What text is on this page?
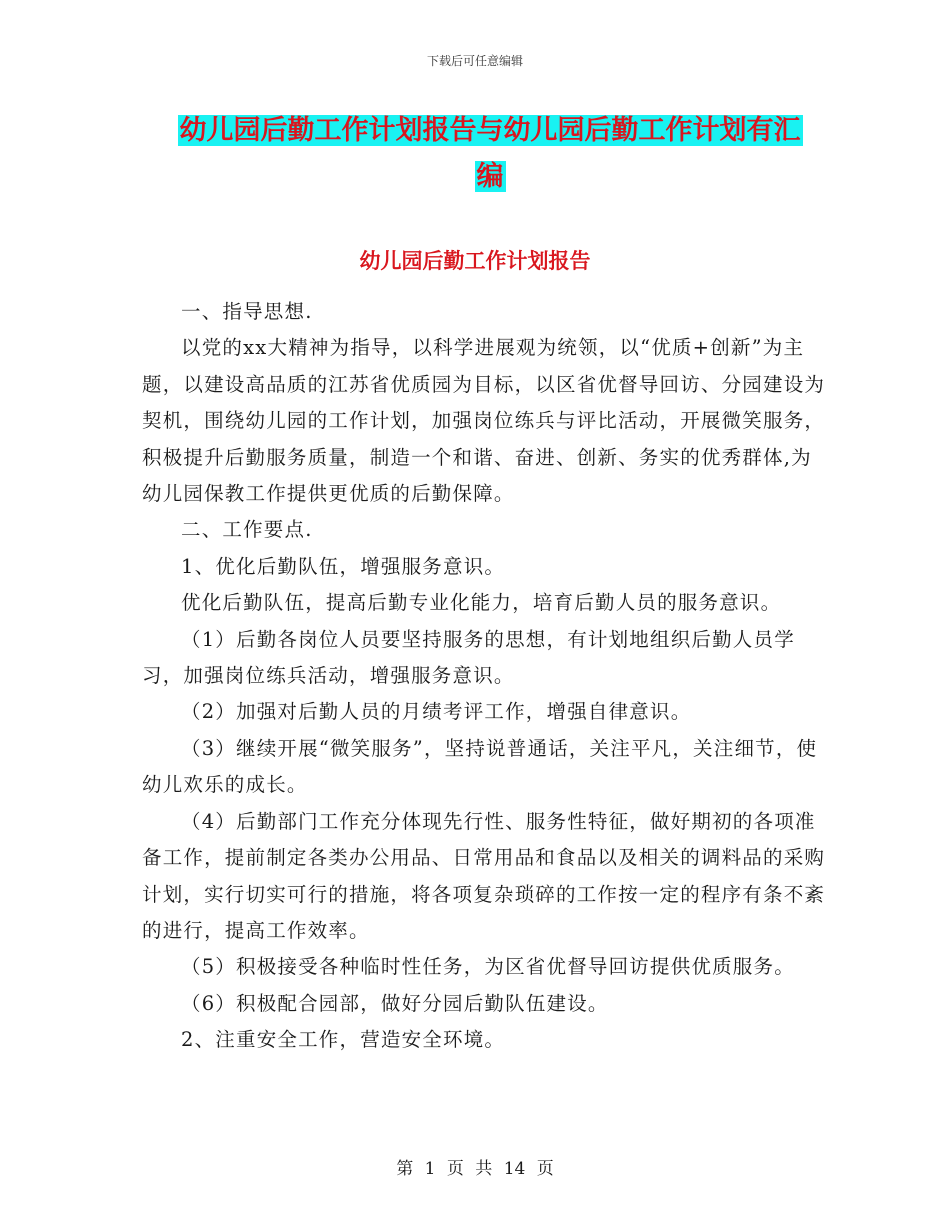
下载后可任意编辑
幼儿园后勤工作计划报告与幼儿园后勤工作计划有汇
编
幼儿园后勤工作计划报告

一、指导思想.

以党的xx大精神为指导，以科学进展观为统领，以“优质+创新”为主题，以建设高品质的江苏省优质园为目标，以区省优督导回访、分园建设为契机，围绕幼儿园的工作计划，加强岗位练兵与评比活动，开展微笑服务，积极提升后勤服务质量，制造一个和谐、奋进、创新、务实的优秀群体,为幼儿园保教工作提供更优质的后勤保障。

二、工作要点.

1、优化后勤队伍，增强服务意识。

优化后勤队伍，提高后勤专业化能力，培育后勤人员的服务意识。

（1）后勤各岗位人员要坚持服务的思想，有计划地组织后勤人员学习，加强岗位练兵活动，增强服务意识。

（2）加强对后勤人员的月绩考评工作，增强自律意识。

（3）继续开展“微笑服务”，坚持说普通话，关注平凡，关注细节，使幼儿欢乐的成长。

（4）后勤部门工作充分体现先行性、服务性特征，做好期初的各项准备工作，提前制定各类办公用品、日常用品和食品以及相关的调料品的采购计划，实行切实可行的措施，将各项复杂琐碎的工作按一定的程序有条不紊的进行，提高工作效率。

（5）积极接受各种临时性任务，为区省优督导回访提供优质服务。

（6）积极配合园部，做好分园后勤队伍建设。

2、注重安全工作，营造安全环境。

第 1 页 共 14 页
